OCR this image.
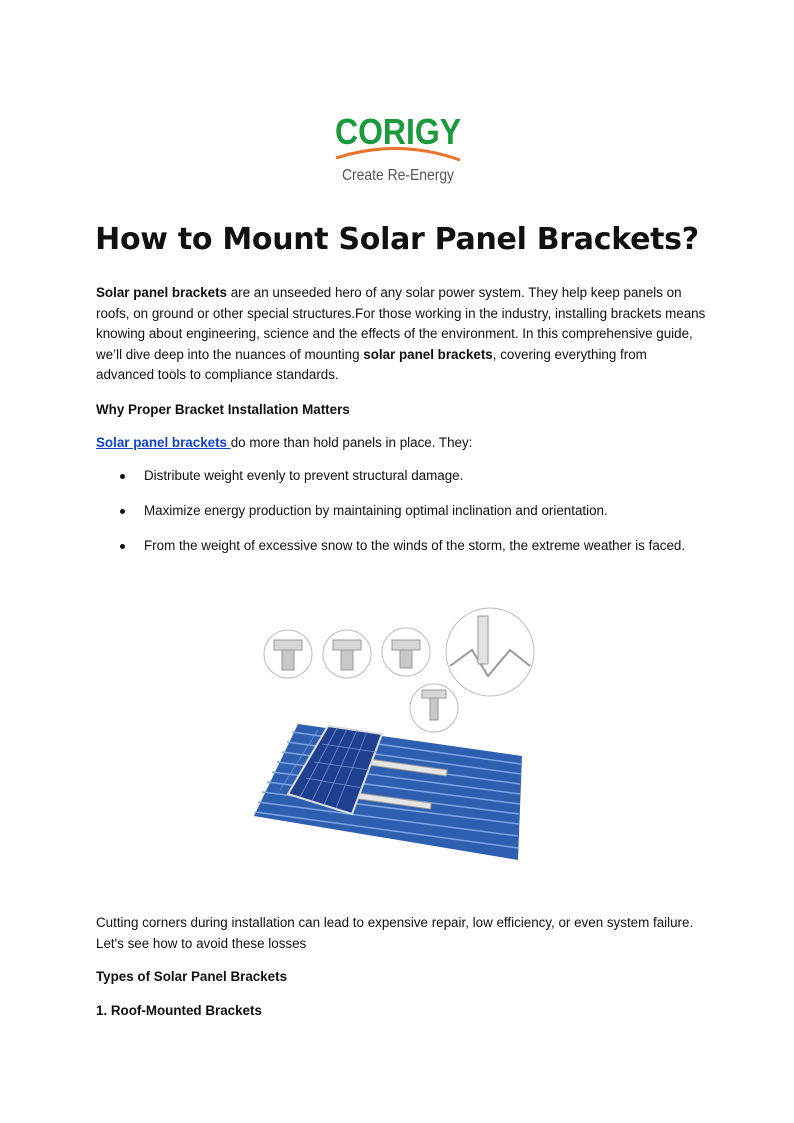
CORIGY
Create Re-Energy
How to Mount Solar Panel Brackets?

Solar panel brackets are an unseeded hero of any solar power system. They help keep panels on roofs, on ground or other special structures.For those working in the industry, installing brackets means knowing about engineering, science and the effects of the environment. In this comprehensive guide, we’ll dive deep into the nuances of mounting solar panel brackets, covering everything from advanced tools to compliance standards.

Why Proper Bracket Installation Matters

Solar panel brackets do more than hold panels in place. They:

Distribute weight evenly to prevent structural damage.
Maximize energy production by maintaining optimal inclination and orientation.
From the weight of excessive snow to the winds of the storm, the extreme weather is faced.

Cutting corners during installation can lead to expensive repair, low efficiency, or even system failure. Let's see how to avoid these losses

Types of Solar Panel Brackets

1. Roof-Mounted Brackets
